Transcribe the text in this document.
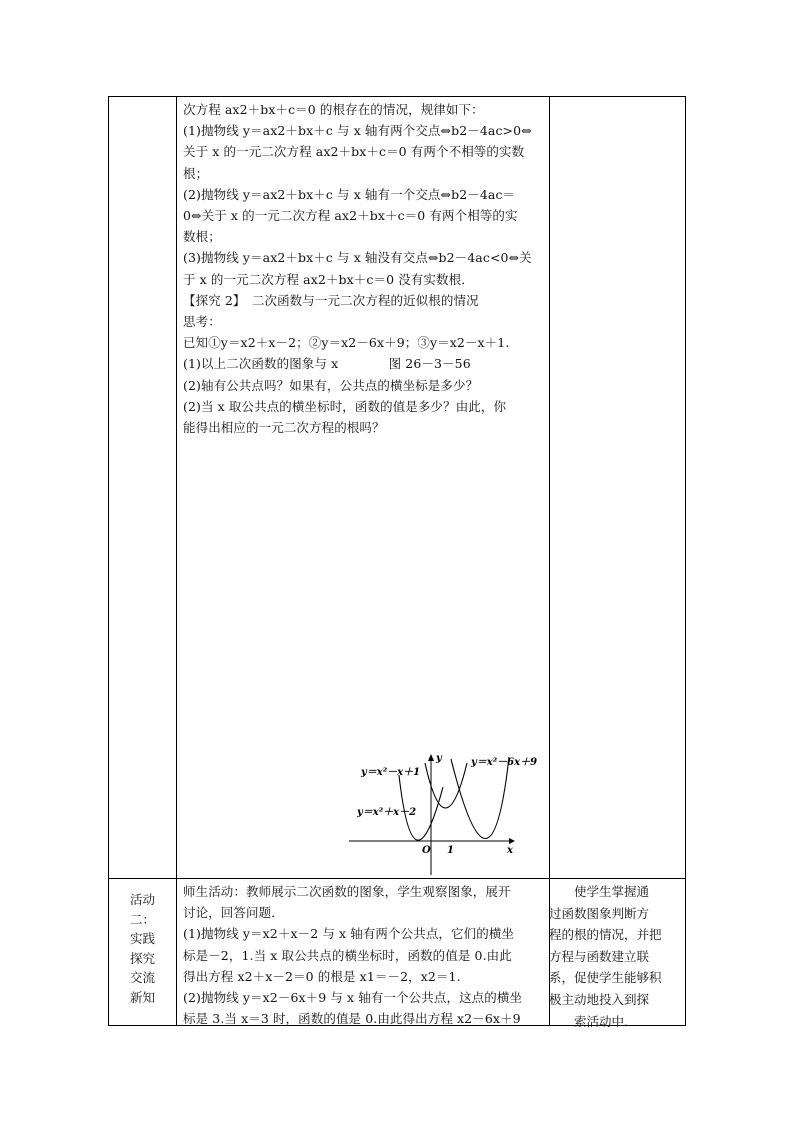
次方程 ax2＋bx＋c＝0 的根存在的情况，规律如下：

(1)抛物线 y＝ax2＋bx＋c 与 x 轴有两个交点⇔b2－4ac>0⇔

关于 x 的一元二次方程 ax2＋bx＋c＝0 有两个不相等的实数

根；

(2)抛物线 y＝ax2＋bx＋c 与 x 轴有一个交点⇔b2－4ac＝

0⇔关于 x 的一元二次方程 ax2＋bx＋c＝0 有两个相等的实

数根；

(3)抛物线 y＝ax2＋bx＋c 与 x 轴没有交点⇔b2－4ac<0⇔关

于 x 的一元二次方程 ax2＋bx＋c＝0 没有实数根．

【探究 2】　二次函数与一元二次方程的近似根的情况

思考：

已知①y＝x2＋x－2；②y＝x2－6x＋9；③y＝x2－x＋1.

(1)以上二次函数的图象与 x　　　　图 26－3－56

(2)轴有公共点吗？如果有，公共点的横坐标是多少？

(2)当 x 取公共点的横坐标时，函数的值是多少？由此，你

能得出相应的一元二次方程的根吗？

y＝x²－x＋1
y＝x²＋x－2
y＝x²－6x＋9
y
x
O 1
活动
二：
实践
探究
交流
新知

师生活动：教师展示二次函数的图象，学生观察图象，展开

讨论，回答问题．

(1)抛物线 y＝x2＋x－2 与 x 轴有两个公共点，它们的横坐

标是－2，1.当 x 取公共点的横坐标时，函数的值是 0.由此

得出方程 x2＋x－2＝0 的根是 x1＝－2，x2＝1.

(2)抛物线 y＝x2－6x＋9 与 x 轴有一个公共点，这点的横坐

标是 3.当 x＝3 时，函数的值是 0.由此得出方程 x2－6x＋9

　　使学生掌握通

过函数图象判断方

程的根的情况，并把

方程与函数建立联

系，促使学生能够积

极主动地投入到探

　　索活动中．
